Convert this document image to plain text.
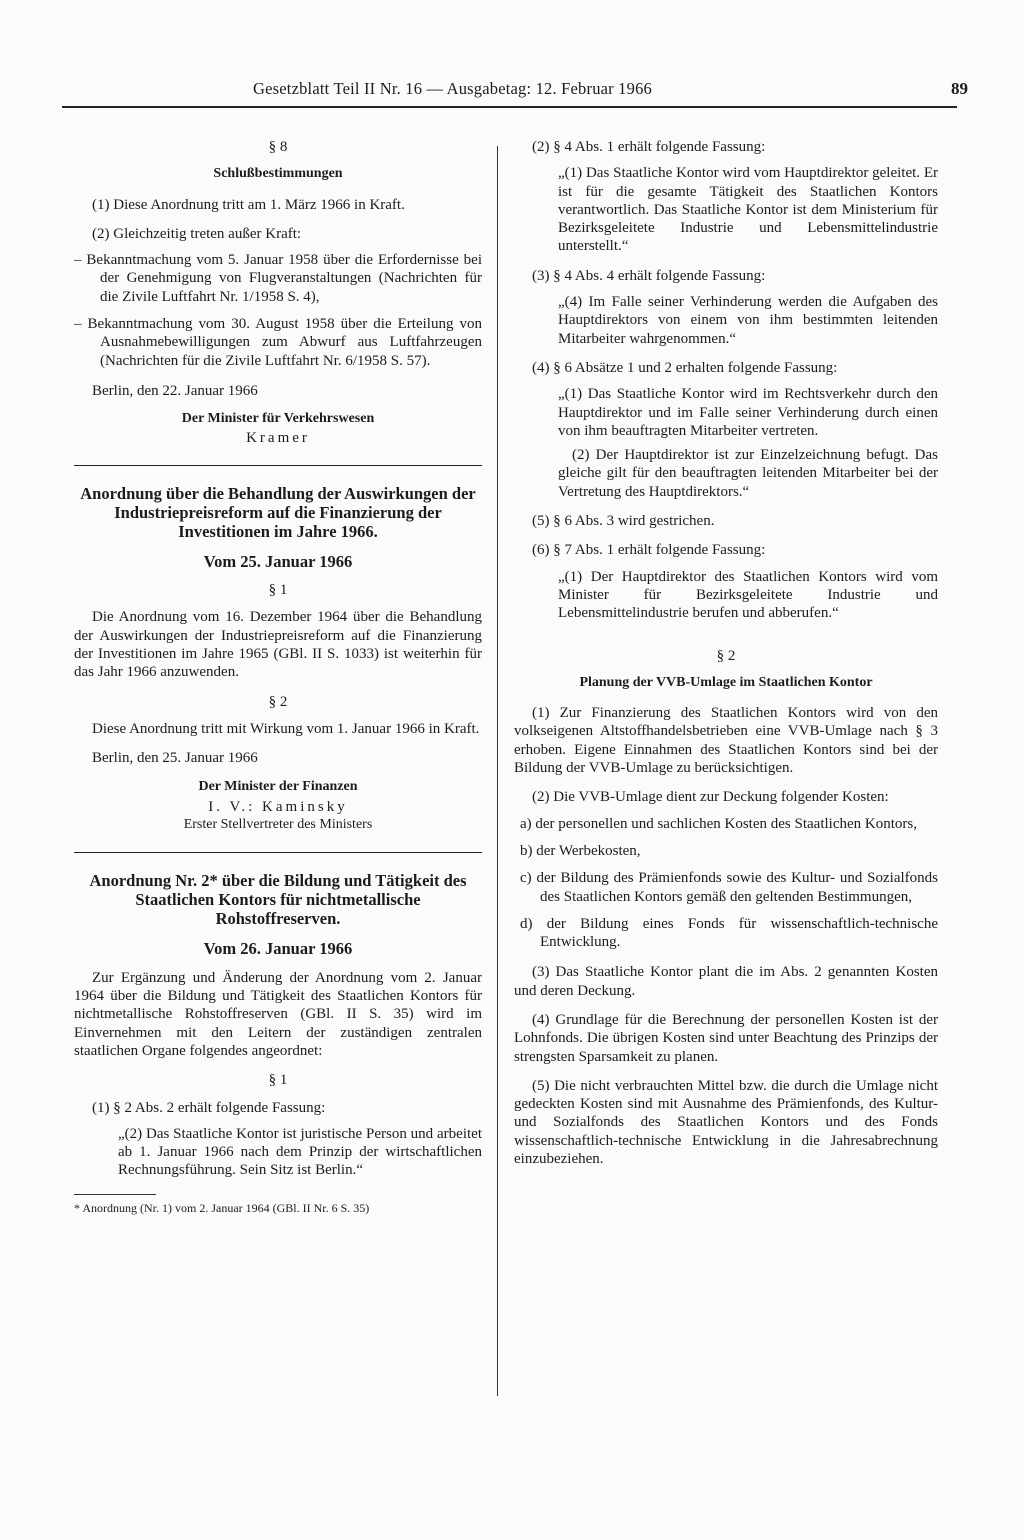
Gesetzblatt Teil II Nr. 16 — Ausgabetag: 12. Februar 1966	89

§ 8

Schlußbestimmungen

(1) Diese Anordnung tritt am 1. März 1966 in Kraft.

(2) Gleichzeitig treten außer Kraft:

– Bekanntmachung vom 5. Januar 1958 über die Erfordernisse bei der Genehmigung von Flugveranstaltungen (Nachrichten für die Zivile Luftfahrt Nr. 1/1958 S. 4),

– Bekanntmachung vom 30. August 1958 über die Erteilung von Ausnahmebewilligungen zum Abwurf aus Luftfahrzeugen (Nachrichten für die Zivile Luftfahrt Nr. 6/1958 S. 57).

Berlin, den 22. Januar 1966

Der Minister für Verkehrswesen

Kramer

Anordnung über die Behandlung der Auswirkungen der Industriepreisreform auf die Finanzierung der Investitionen im Jahre 1966.

Vom 25. Januar 1966

§ 1

Die Anordnung vom 16. Dezember 1964 über die Behandlung der Auswirkungen der Industriepreisreform auf die Finanzierung der Investitionen im Jahre 1965 (GBl. II S. 1033) ist weiterhin für das Jahr 1966 anzuwenden.

§ 2

Diese Anordnung tritt mit Wirkung vom 1. Januar 1966 in Kraft.

Berlin, den 25. Januar 1966

Der Minister der Finanzen

I. V.: Kaminsky

Erster Stellvertreter des Ministers

Anordnung Nr. 2* über die Bildung und Tätigkeit des Staatlichen Kontors für nichtmetallische Rohstoffreserven.

Vom 26. Januar 1966

Zur Ergänzung und Änderung der Anordnung vom 2. Januar 1964 über die Bildung und Tätigkeit des Staatlichen Kontors für nichtmetallische Rohstoffreserven (GBl. II S. 35) wird im Einvernehmen mit den Leitern der zuständigen zentralen staatlichen Organe folgendes angeordnet:

§ 1

(1) § 2 Abs. 2 erhält folgende Fassung:

„(2) Das Staatliche Kontor ist juristische Person und arbeitet ab 1. Januar 1966 nach dem Prinzip der wirtschaftlichen Rechnungsführung. Sein Sitz ist Berlin.“

* Anordnung (Nr. 1) vom 2. Januar 1964 (GBl. II Nr. 6 S. 35)

(2) § 4 Abs. 1 erhält folgende Fassung:

„(1) Das Staatliche Kontor wird vom Hauptdirektor geleitet. Er ist für die gesamte Tätigkeit des Staatlichen Kontors verantwortlich. Das Staatliche Kontor ist dem Ministerium für Bezirksgeleitete Industrie und Lebensmittelindustrie unterstellt.“

(3) § 4 Abs. 4 erhält folgende Fassung:

„(4) Im Falle seiner Verhinderung werden die Aufgaben des Hauptdirektors von einem von ihm bestimmten leitenden Mitarbeiter wahrgenommen.“

(4) § 6 Absätze 1 und 2 erhalten folgende Fassung:

„(1) Das Staatliche Kontor wird im Rechtsverkehr durch den Hauptdirektor und im Falle seiner Verhinderung durch einen von ihm beauftragten Mitarbeiter vertreten.

(2) Der Hauptdirektor ist zur Einzelzeichnung befugt. Das gleiche gilt für den beauftragten leitenden Mitarbeiter bei der Vertretung des Hauptdirektors.“

(5) § 6 Abs. 3 wird gestrichen.

(6) § 7 Abs. 1 erhält folgende Fassung:

„(1) Der Hauptdirektor des Staatlichen Kontors wird vom Minister für Bezirksgeleitete Industrie und Lebensmittelindustrie berufen und abberufen.“

§ 2

Planung der VVB-Umlage im Staatlichen Kontor

(1) Zur Finanzierung des Staatlichen Kontors wird von den volkseigenen Altstoffhandelsbetrieben eine VVB-Umlage nach § 3 erhoben. Eigene Einnahmen des Staatlichen Kontors sind bei der Bildung der VVB-Umlage zu berücksichtigen.

(2) Die VVB-Umlage dient zur Deckung folgender Kosten:

a) der personellen und sachlichen Kosten des Staatlichen Kontors,

b) der Werbekosten,

c) der Bildung des Prämienfonds sowie des Kultur- und Sozialfonds des Staatlichen Kontors gemäß den geltenden Bestimmungen,

d) der Bildung eines Fonds für wissenschaftlich-technische Entwicklung.

(3) Das Staatliche Kontor plant die im Abs. 2 genannten Kosten und deren Deckung.

(4) Grundlage für die Berechnung der personellen Kosten ist der Lohnfonds. Die übrigen Kosten sind unter Beachtung des Prinzips der strengsten Sparsamkeit zu planen.

(5) Die nicht verbrauchten Mittel bzw. die durch die Umlage nicht gedeckten Kosten sind mit Ausnahme des Prämienfonds, des Kultur- und Sozialfonds des Staatlichen Kontors und des Fonds wissenschaftlich-technische Entwicklung in die Jahresabrechnung einzubeziehen.
